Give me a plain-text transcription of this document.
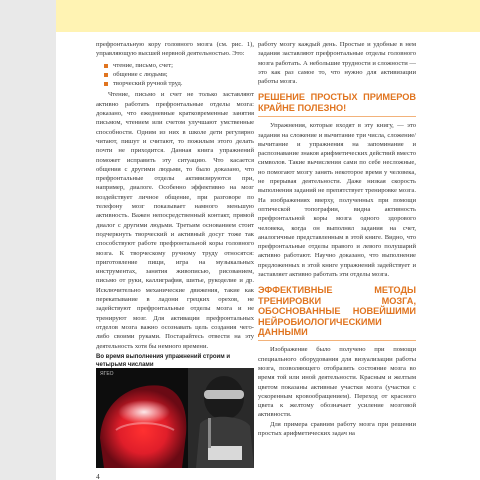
префронтальную кору головного мозга (см. рис. 1), управляющую высшей нервной деятельностью. Это:

чтение, письмо, счет;
общение с людьми;
творческий ручной труд.

Чтение, письмо и счет не только заставляют активно работать префронтальные отделы мозга: доказано, что ежедневные кратковременные занятия письмом, чтением или счетом улучшают умственные способности. Одним из них в школе дети регулярно читают, пишут и считают, то пожилым этого делать почти не приходится. Данная книга упражнений поможет исправить эту ситуацию. Что касается общения с другими людьми, то было доказано, что префронтальные отделы активизируются при, например, диалоге. Особенно эффективно на мозг воздействует личное общение, при разговоре по телефону мозг показывает намного меньшую активность. Важен непосредственный контакт, прямой диалог с другими людьми. Третьим основанием стоит подчеркнуть творческий и активный досуг тоже так способствуют работе префронтальной коры головного мозга. К творческому ручному труду относятся: приготовление пищи, игра на музыкальных инструментах, занятия живописью, рисованием, письмо от руки, каллиграфия, шитье, рукоделие и др. Исключительно механические движения, такие как перекатывание в ладони грецких орехов, не задействуют префронтальные отделы мозга и не тренируют мозг. Для активации префронтальных отделов мозга важно осознавать цель создания чего-либо своими руками. Постарайтесь отвести на эту деятельность хотя бы немного времени.

Во время выполнения упражнений строим и четырьмя числами
ЯГЕО

работу мозгу каждый день. Простые и удобные в нем задания заставляют префронтальные отделы головного мозга работать. А небольшие трудности и сложности — это как раз самое то, что нужно для активизации работы мозга.

РЕШЕНИЕ ПРОСТЫХ ПРИМЕРОВ КРАЙНЕ ПОЛЕЗНО!

Упражнения, которые входят в эту книгу, — это задания на сложение и вычитание три числа, сложение/вычитание и упражнения на запоминание и распознавание знаков арифметических действий вместо символов. Такие вычисления сами по себе несложные, но помогают мозгу занять некоторое время у человека, не прерывая деятельности. Даже низкая скорость выполнения заданий не препятствует тренировке мозга. На изображениях вверху, полученных при помощи оптической топографии, видна активность префронтальной коры мозга одного здорового человека, когда он выполнял задания на счет, аналогичные представленным в этой книге. Видно, что префронтальные отделы правого и левого полушарий активно работают. Научно доказано, что выполнение предложенных в этой книге упражнений задействует и заставляет активно работать эти отделы мозга.

ЭФФЕКТИВНЫЕ МЕТОДЫ ТРЕНИРОВКИ МОЗГА, ОБОСНОВАННЫЕ НОВЕЙШИМИ НЕЙРОБИОЛОГИЧЕСКИМИ ДАННЫМИ

Изображение было получено при помощи специального оборудования для визуализации работы мозга, позволяющего отобразить состояние мозга во время той или иной деятельности. Красным и желтым цветом показаны активные участки мозга (участки с ускоренным кровообращением). Переход от красного цвета к желтому обозначает усиление мозговой активности.

Для примера сравним работу мозга при решении простых арифметических задач на

4
